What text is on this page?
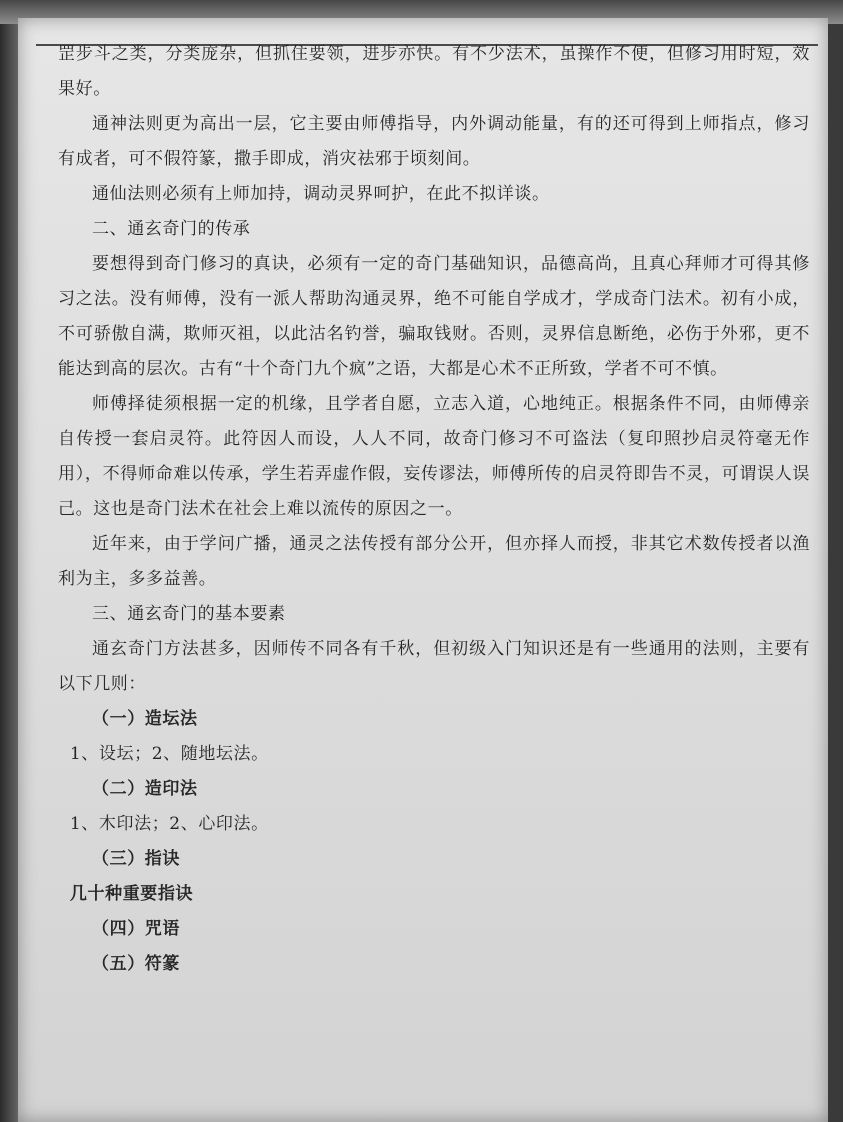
罡步斗之类，分类庞杂，但抓住要领，进步亦快。有不少法术，虽操作不便，但修习用时短，效果好。

通神法则更为高出一层，它主要由师傅指导，内外调动能量，有的还可得到上师指点，修习有成者，可不假符篆，撒手即成，消灾祛邪于顷刻间。

通仙法则必须有上师加持，调动灵界呵护，在此不拟详谈。

二、通玄奇门的传承

要想得到奇门修习的真诀，必须有一定的奇门基础知识，品德高尚，且真心拜师才可得其修习之法。没有师傅，没有一派人帮助沟通灵界，绝不可能自学成才，学成奇门法术。初有小成，不可骄傲自满，欺师灭祖，以此沽名钓誉，骗取钱财。否则，灵界信息断绝，必伤于外邪，更不能达到高的层次。古有“十个奇门九个疯”之语，大都是心术不正所致，学者不可不慎。

师傅择徒须根据一定的机缘，且学者自愿，立志入道，心地纯正。根据条件不同，由师傅亲自传授一套启灵符。此符因人而设，人人不同，故奇门修习不可盗法（复印照抄启灵符毫无作用），不得师命难以传承，学生若弄虚作假，妄传谬法，师傅所传的启灵符即告不灵，可谓误人误己。这也是奇门法术在社会上难以流传的原因之一。

近年来，由于学问广播，通灵之法传授有部分公开，但亦择人而授，非其它术数传授者以渔利为主，多多益善。

三、通玄奇门的基本要素

通玄奇门方法甚多，因师传不同各有千秋，但初级入门知识还是有一些通用的法则，主要有以下几则：

（一）造坛法

1、设坛；2、随地坛法。

（二）造印法

1、木印法；2、心印法。

（三）指诀

几十种重要指诀

（四）咒语

（五）符篆
